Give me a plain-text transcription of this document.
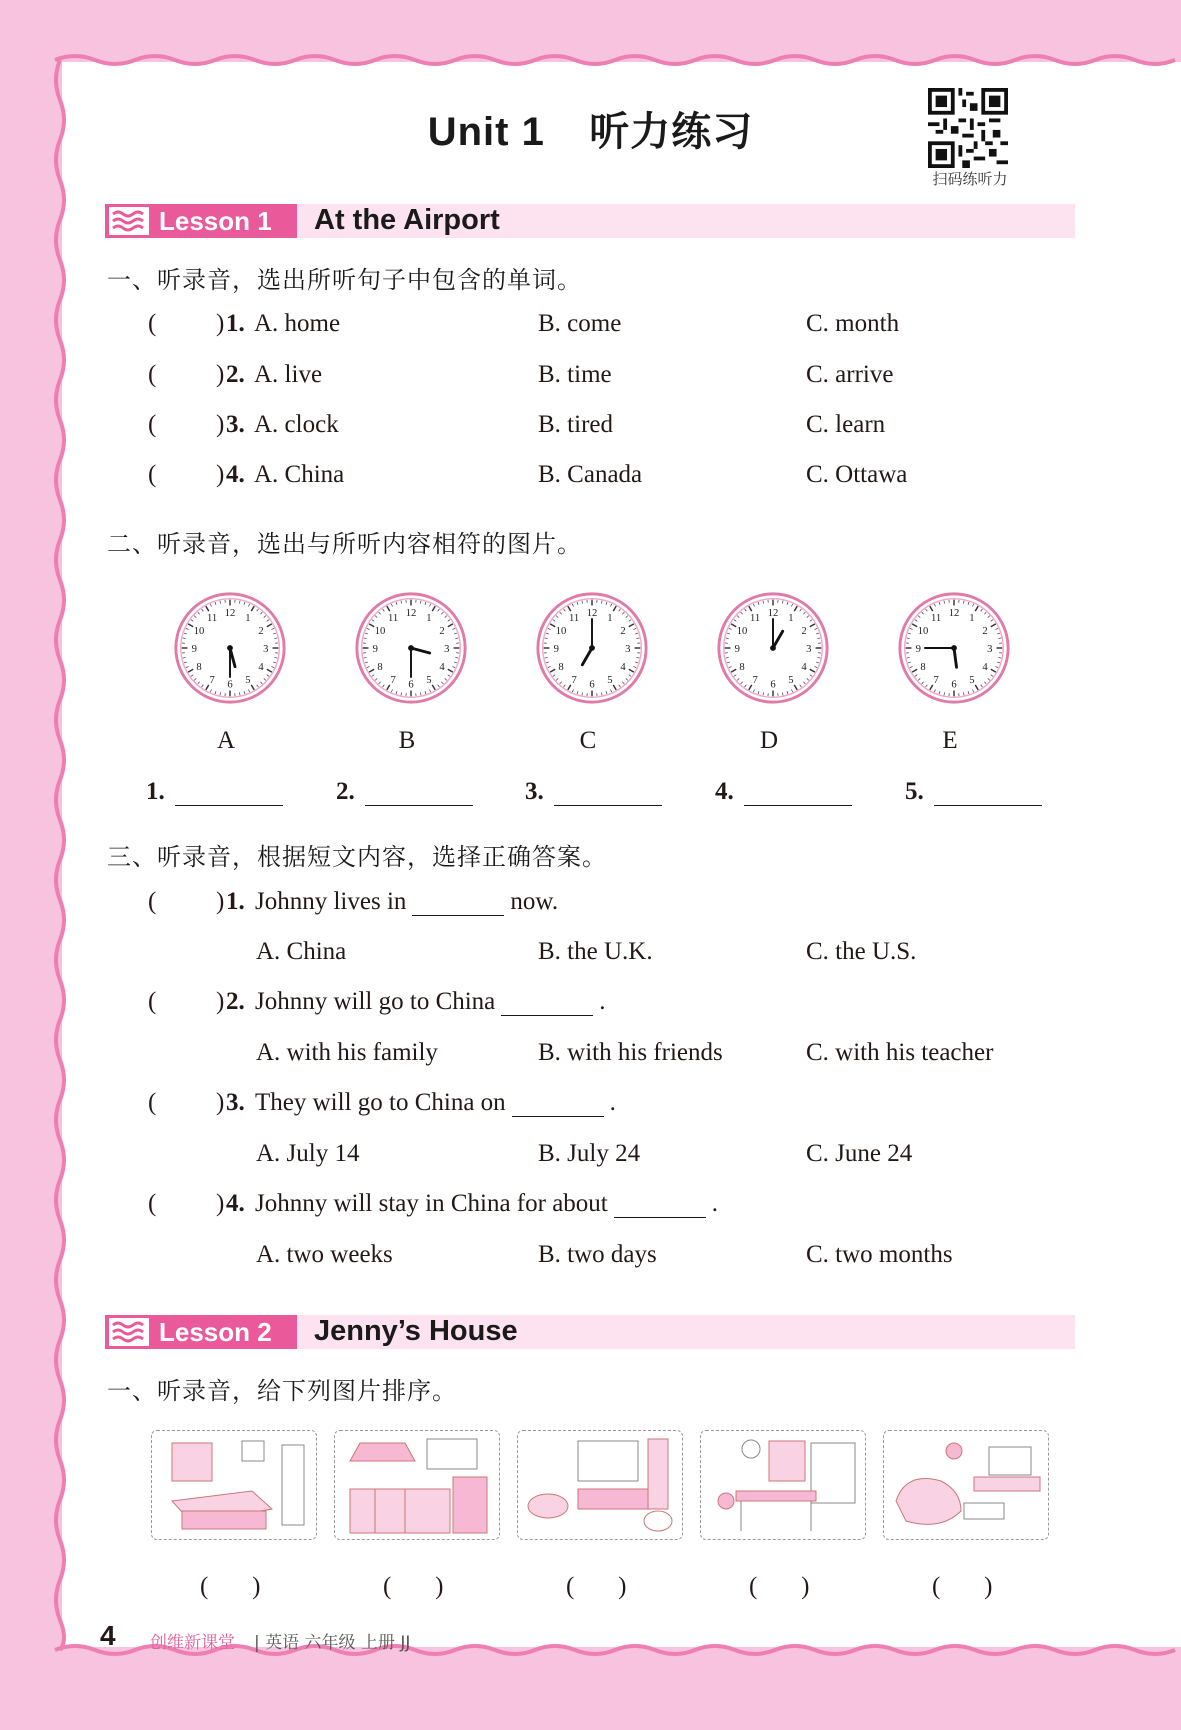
Unit 1 听力练习
扫码练听力
Lesson 1 At the Airport
一、听录音，选出所听句子中包含的单词。
( ) 1. A. home	B. come	C. month
( ) 2. A. live	B. time	C. arrive
( ) 3. A. clock	B. tired	C. learn
( ) 4. A. China	B. Canada	C. Ottawa
二、听录音，选出与所听内容相符的图片。
1
2
3
4
5
6
7
8
9
10
11 12	1
2
3
4
5
6
7
8
9
10
11 12	1
2
3
4
5
6
7
8
9
10
11 12	1
2
3
4
5
6
7
8
9
10
11 12	1
2
3
4
5
6
7
8
9
10
11 12
A	B	C	D	E
1.	2.	3.	4.	5.
三、听录音，根据短文内容，选择正确答案。
( ) 1. Johnny lives in	now.
A. China	B. the U.K.	C. the U.S.
( ) 2. Johnny will go to China	.
A. with his family	B. with his friends	C. with his teacher
( ) 3. They will go to China on	.
A. July 14	B. July 24	C. June 24
( ) 4. Johnny will stay in China for about	.
A. two weeks	B. two days	C. two months
Lesson 2 Jenny’s House
一、听录音，给下列图片排序。
(       )	(       )	(       )	(       )	(       )
4 创维新课堂 | 英语 六年级 上册 JJ
